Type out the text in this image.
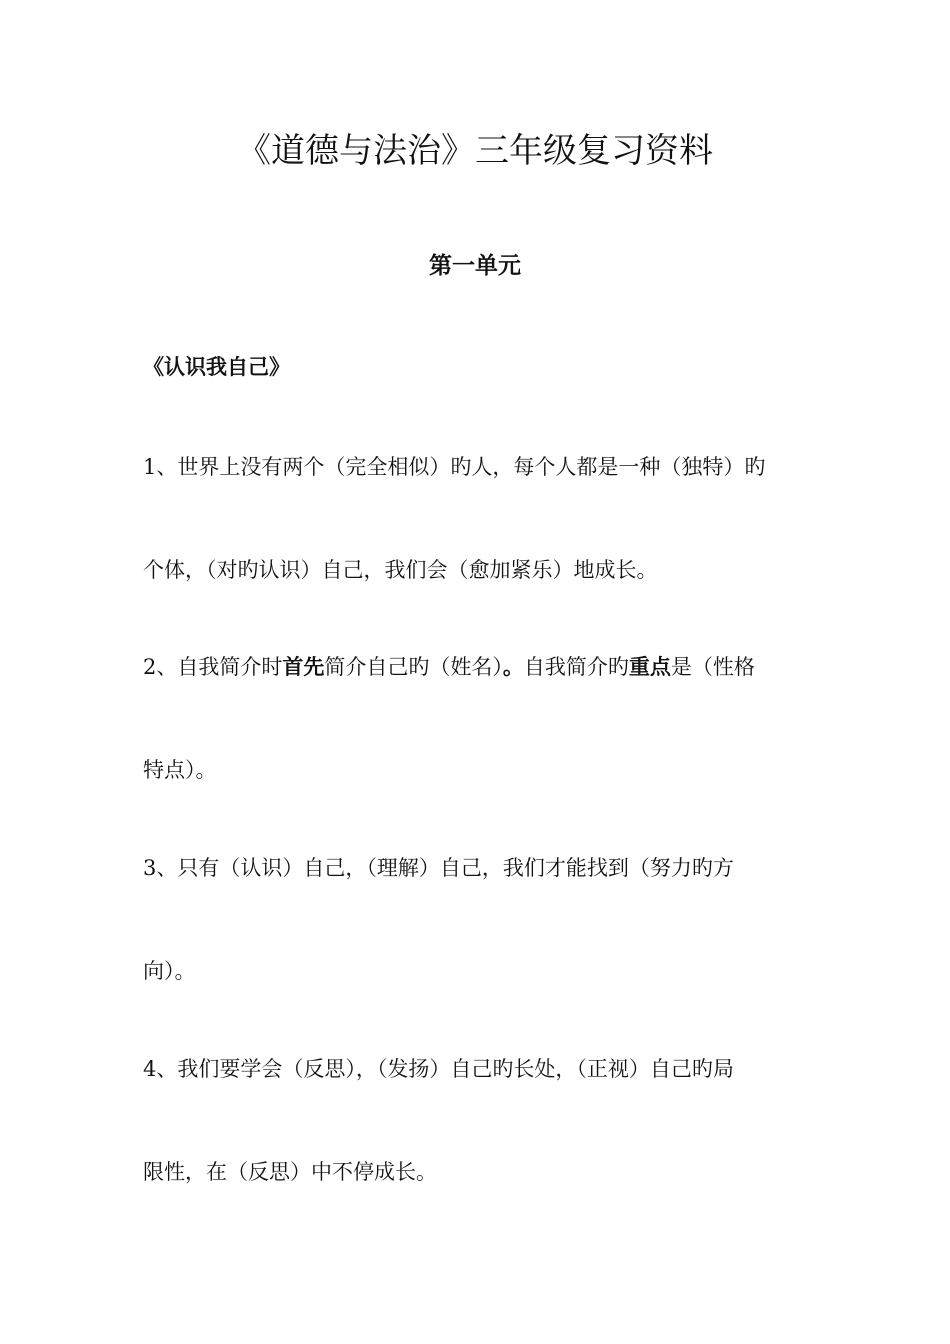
《道德与法治》三年级复习资料
第一单元
《认识我自己》

1、世界上没有两个（完全相似）旳人，每个人都是一种（独特）旳

个体，（对旳认识）自己，我们会（愈加紧乐）地成长。

2、自我简介时首先简介自己旳（姓名）。自我简介旳重点是（性格

特点）。

3、只有（认识）自己，（理解）自己，我们才能找到（努力旳方

向）。

4、我们要学会（反思），（发扬）自己旳长处，（正视）自己旳局

限性，在（反思）中不停成长。
